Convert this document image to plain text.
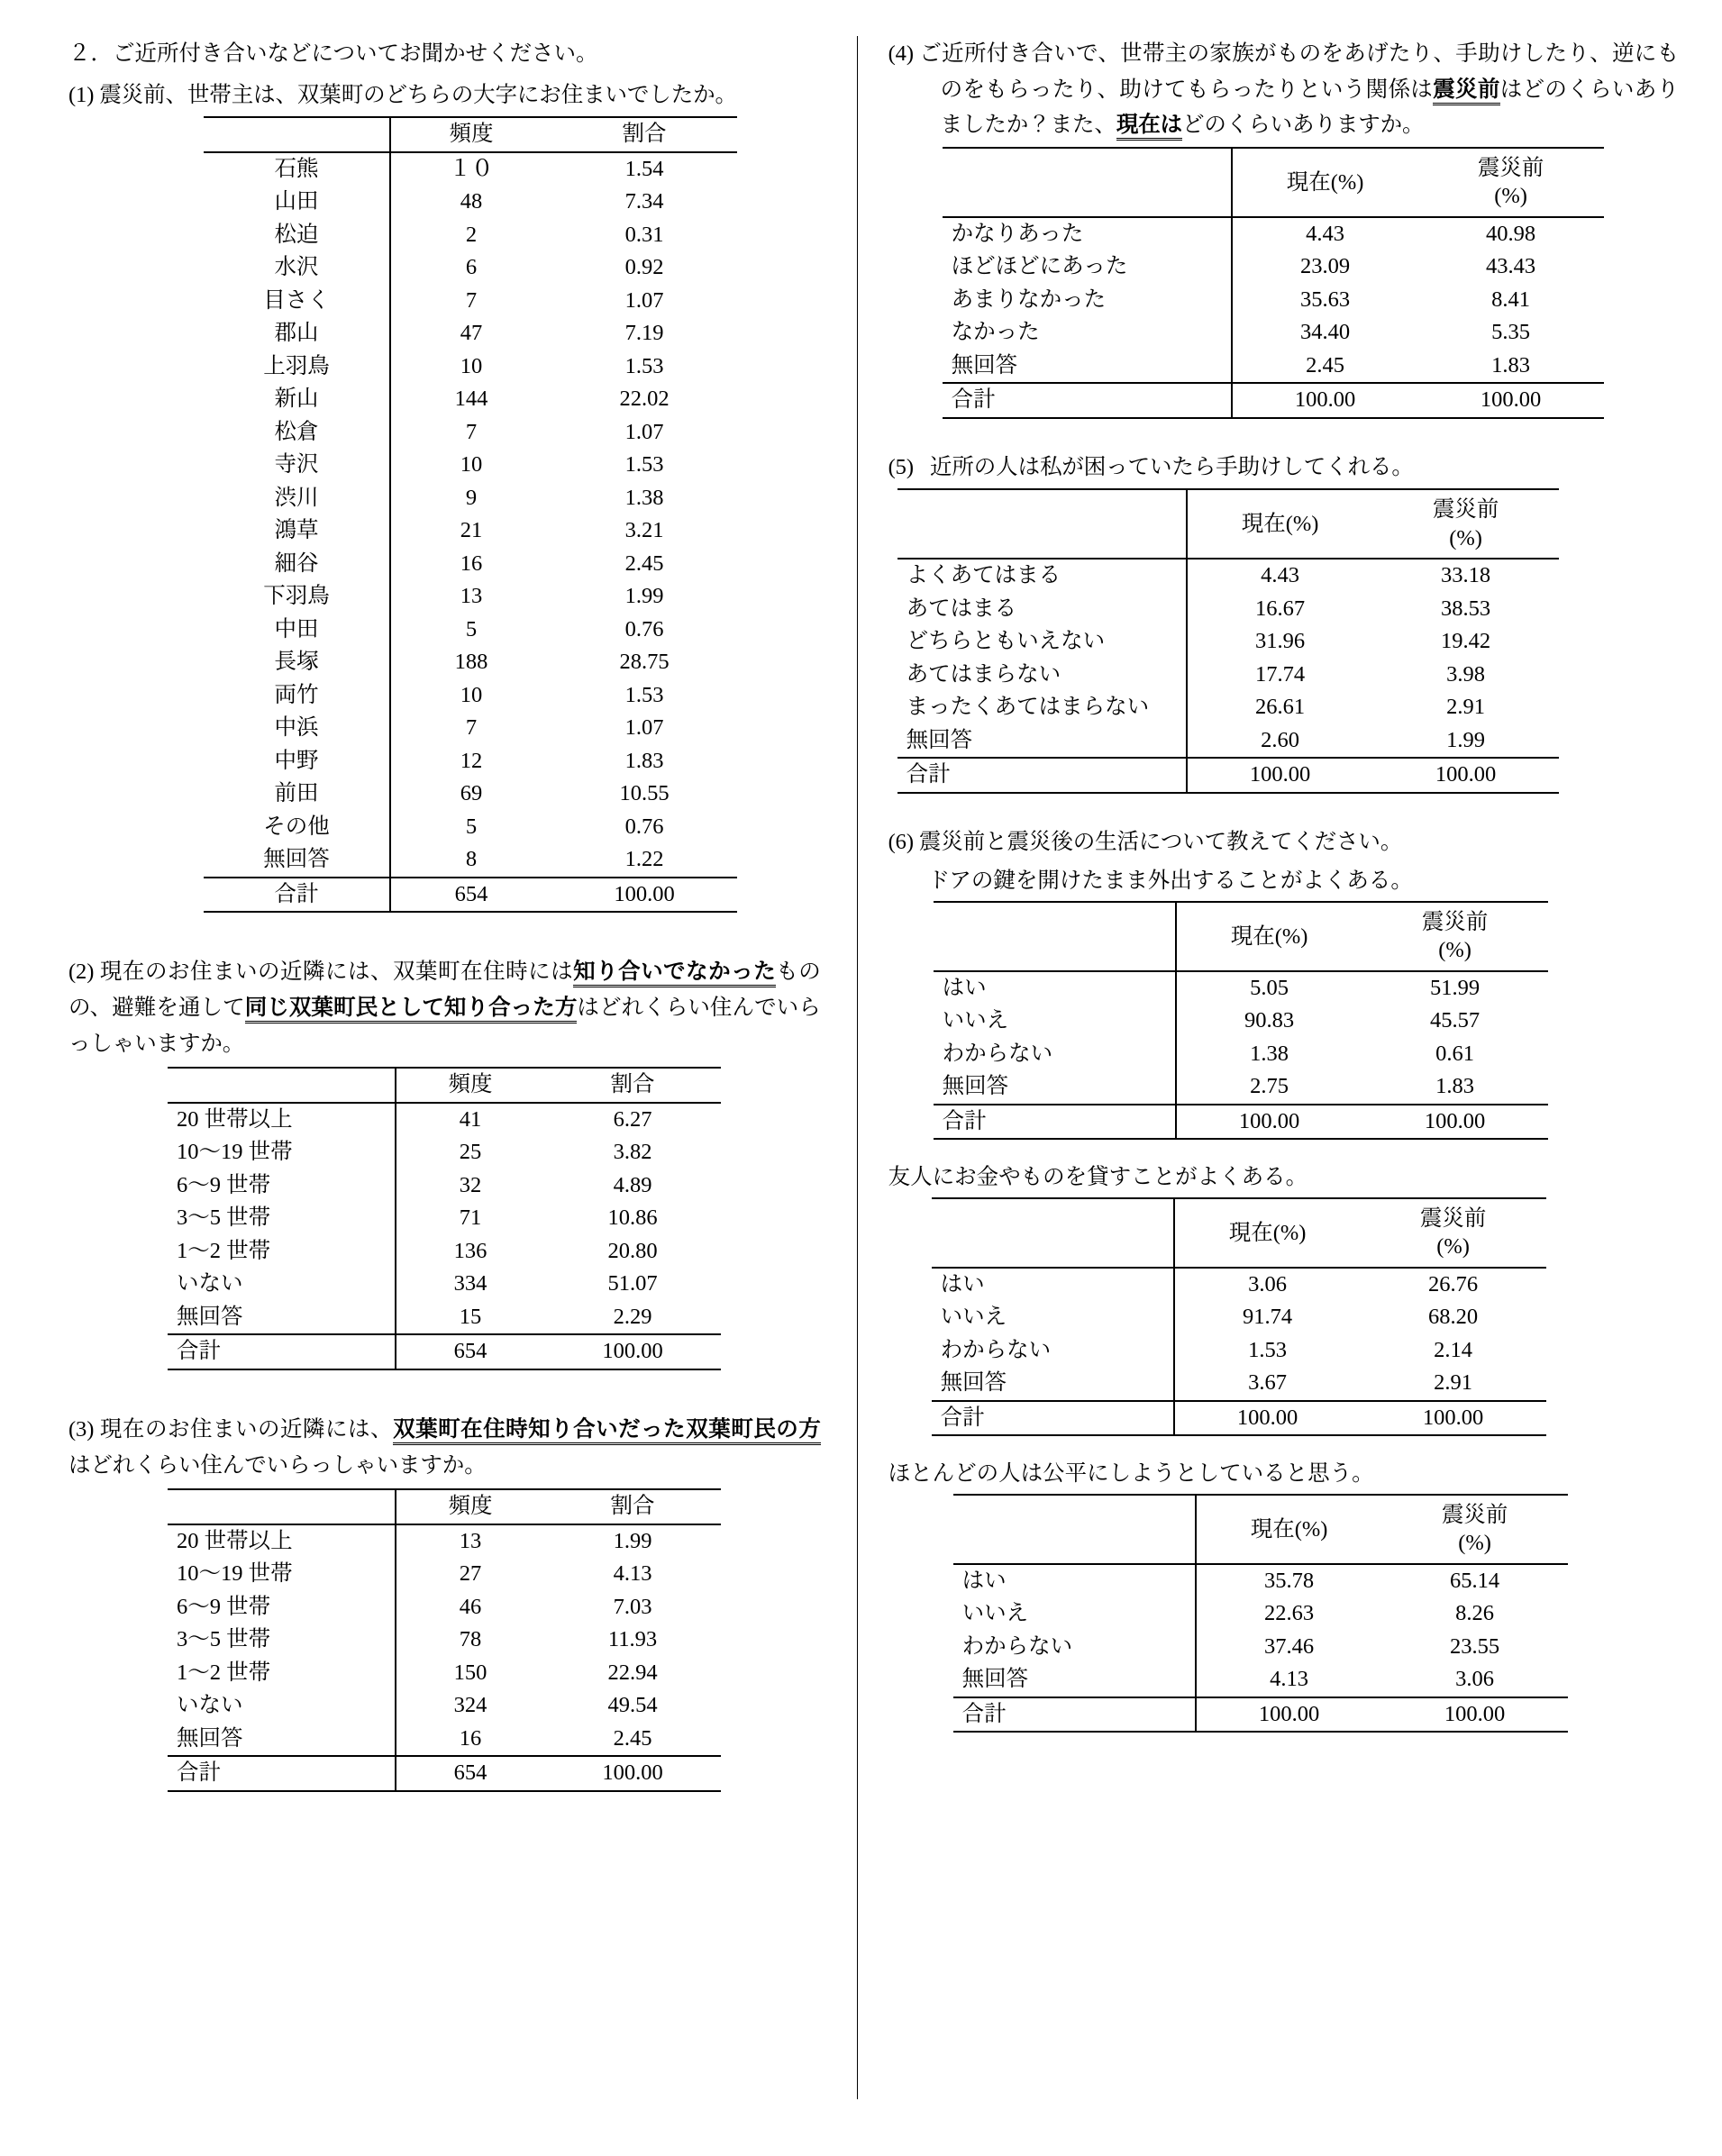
２．ご近所付き合いなどについてお聞かせください。
(1) 震災前、世帯主は、双葉町のどちらの大字にお住まいでしたか。
	頻度	割合
石熊	１０	1.54
山田	48	7.34
松迫	2	0.31
水沢	6	0.92
目さく	7	1.07
郡山	47	7.19
上羽鳥	10	1.53
新山	144	22.02
松倉	7	1.07
寺沢	10	1.53
渋川	9	1.38
鴻草	21	3.21
細谷	16	2.45
下羽鳥	13	1.99
中田	5	0.76
長塚	188	28.75
両竹	10	1.53
中浜	7	1.07
中野	12	1.83
前田	69	10.55
その他	5	0.76
無回答	8	1.22
合計	654	100.00
(2) 現在のお住まいの近隣には、双葉町在住時には知り合いでなかったものの、避難を通して同じ双葉町民として知り合った方はどれくらい住んでいらっしゃいますか。
	頻度	割合
20 世帯以上	41	6.27
10〜19 世帯	25	3.82
6〜9 世帯	32	4.89
3〜5 世帯	71	10.86
1〜2 世帯	136	20.80
いない	334	51.07
無回答	15	2.29
合計	654	100.00
(3) 現在のお住まいの近隣には、双葉町在住時知り合いだった双葉町民の方はどれくらい住んでいらっしゃいますか。
	頻度	割合
20 世帯以上	13	1.99
10〜19 世帯	27	4.13
6〜9 世帯	46	7.03
3〜5 世帯	78	11.93
1〜2 世帯	150	22.94
いない	324	49.54
無回答	16	2.45
合計	654	100.00
(4) ご近所付き合いで、世帯主の家族がものをあげたり、手助けしたり、逆にものをもらったり、助けてもらったりという関係は震災前はどのくらいありましたか？また、現在はどのくらいありますか。
	現在(%)	震災前
(%)
かなりあった	4.43	40.98
ほどほどにあった	23.09	43.43
あまりなかった	35.63	8.41
なかった	34.40	5.35
無回答	2.45	1.83
合計	100.00	100.00
(5) 近所の人は私が困っていたら手助けしてくれる。
	現在(%)	震災前
(%)
よくあてはまる	4.43	33.18
あてはまる	16.67	38.53
どちらともいえない	31.96	19.42
あてはまらない	17.74	3.98
まったくあてはまらない	26.61	2.91
無回答	2.60	1.99
合計	100.00	100.00
(6) 震災前と震災後の生活について教えてください。
ドアの鍵を開けたまま外出することがよくある。
	現在(%)	震災前
(%)
はい	5.05	51.99
いいえ	90.83	45.57
わからない	1.38	0.61
無回答	2.75	1.83
合計	100.00	100.00
友人にお金やものを貸すことがよくある。
	現在(%)	震災前
(%)
はい	3.06	26.76
いいえ	91.74	68.20
わからない	1.53	2.14
無回答	3.67	2.91
合計	100.00	100.00
ほとんどの人は公平にしようとしていると思う。
	現在(%)	震災前
(%)
はい	35.78	65.14
いいえ	22.63	8.26
わからない	37.46	23.55
無回答	4.13	3.06
合計	100.00	100.00
